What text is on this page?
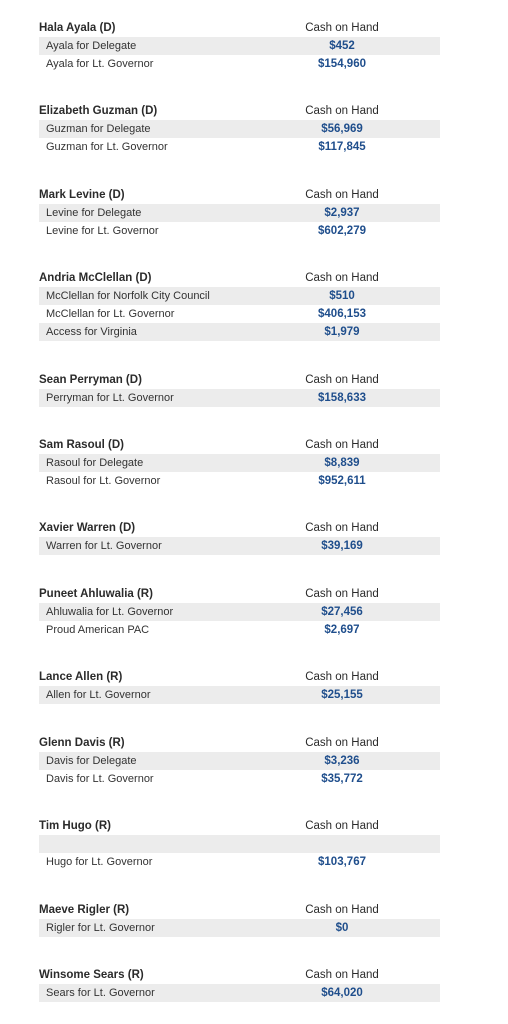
Hala Ayala (D)	Cash on Hand
Ayala for Delegate	$452
Ayala for Lt. Governor	$154,960
Elizabeth Guzman (D)	Cash on Hand
Guzman for Delegate	$56,969
Guzman for Lt. Governor	$117,845
Mark Levine (D)	Cash on Hand
Levine for Delegate	$2,937
Levine for Lt. Governor	$602,279
Andria McClellan (D)	Cash on Hand
McClellan for Norfolk City Council	$510
McClellan for Lt. Governor	$406,153
Access for Virginia	$1,979
Sean Perryman (D)	Cash on Hand
Perryman for Lt. Governor	$158,633
Sam Rasoul (D)	Cash on Hand
Rasoul for Delegate	$8,839
Rasoul for Lt. Governor	$952,611
Xavier Warren (D)	Cash on Hand
Warren for Lt. Governor	$39,169
Puneet Ahluwalia (R)	Cash on Hand
Ahluwalia for Lt. Governor	$27,456
Proud American PAC	$2,697
Lance Allen (R)	Cash on Hand
Allen for Lt. Governor	$25,155
Glenn Davis (R)	Cash on Hand
Davis for Delegate	$3,236
Davis for Lt. Governor	$35,772
Tim Hugo (R)	Cash on Hand
Hugo for Lt. Governor	$103,767
Maeve Rigler (R)	Cash on Hand
Rigler for Lt. Governor	$0
Winsome Sears (R)	Cash on Hand
Sears for Lt. Governor	$64,020
